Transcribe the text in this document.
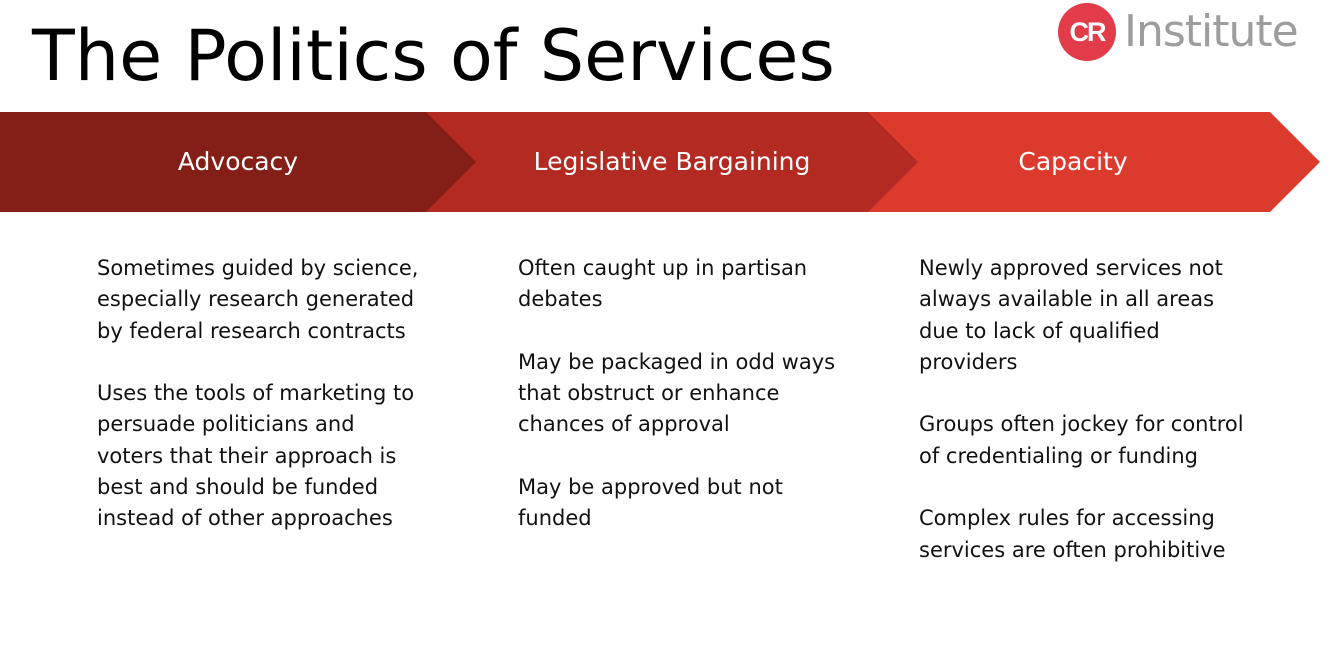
The Politics of Services	CR Institute
Capacity
Legislative Bargaining
Advocacy

Sometimes guided by science, especially research generated by federal research contracts

Uses the tools of marketing to persuade politicians and voters that their approach is best and should be funded instead of other approaches

Often caught up in partisan debates

May be packaged in odd ways that obstruct or enhance chances of approval

May be approved but not funded

Newly approved services not always available in all areas due to lack of qualified providers

Groups often jockey for control of credentialing or funding

Complex rules for accessing services are often prohibitive
